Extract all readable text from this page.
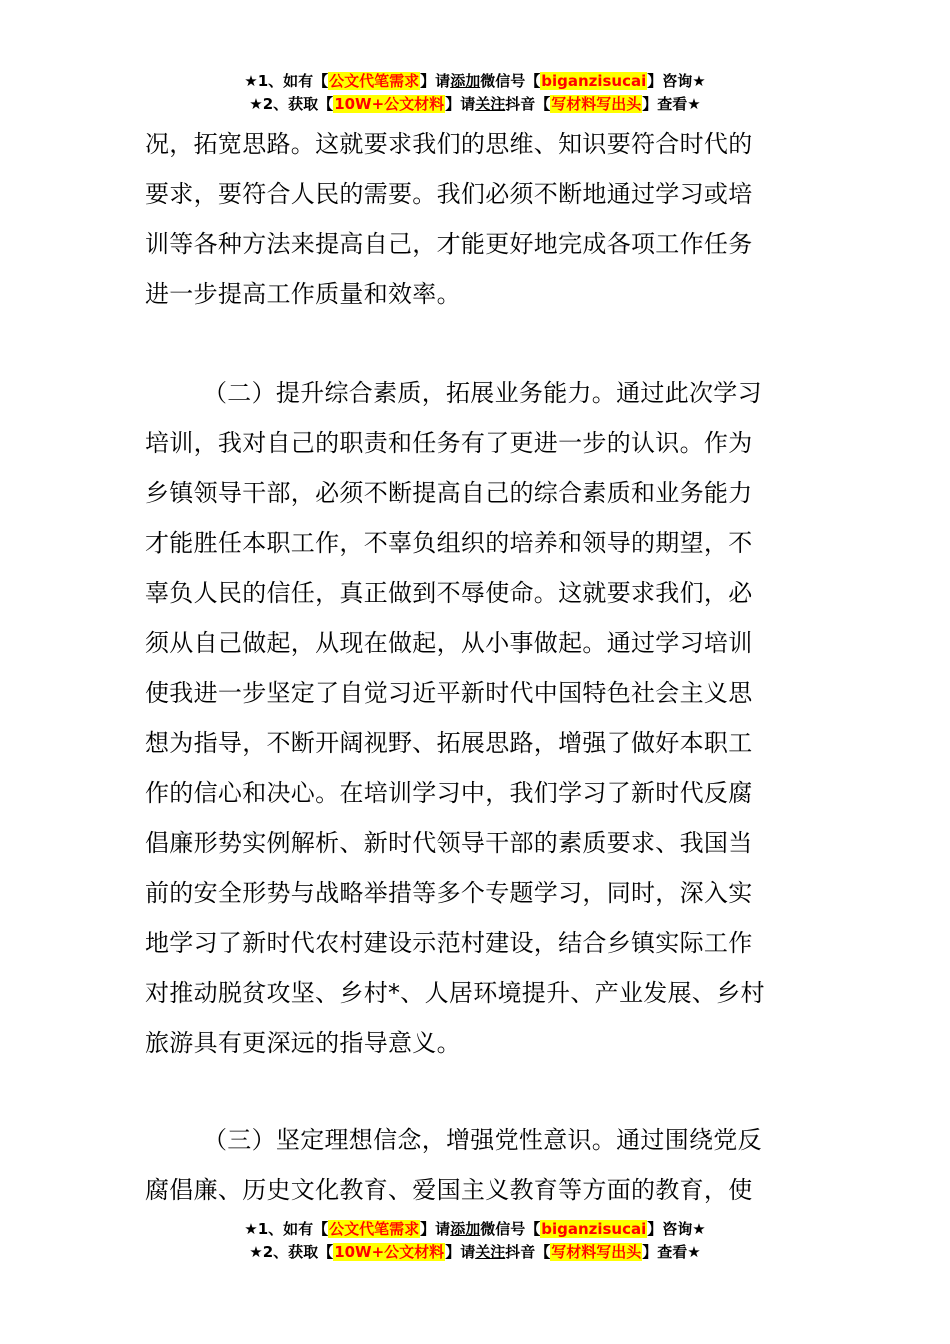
★1、如有【公文代笔需求】请添加微信号【biganzisucai】咨询★
★2、获取【10W+公文材料】请关注抖音【写材料写出头】查看★
况，拓宽思路。这就要求我们的思维、知识要符合时代的
要求，要符合人民的需要。我们必须不断地通过学习或培
训等各种方法来提高自己，才能更好地完成各项工作任务
进一步提高工作质量和效率。
（二）提升综合素质，拓展业务能力。通过此次学习
培训，我对自己的职责和任务有了更进一步的认识。作为
乡镇领导干部，必须不断提高自己的综合素质和业务能力
才能胜任本职工作，不辜负组织的培养和领导的期望，不
辜负人民的信任，真正做到不辱使命。这就要求我们，必
须从自己做起，从现在做起，从小事做起。通过学习培训
使我进一步坚定了自觉习近平新时代中国特色社会主义思
想为指导，不断开阔视野、拓展思路，增强了做好本职工
作的信心和决心。在培训学习中，我们学习了新时代反腐
倡廉形势实例解析、新时代领导干部的素质要求、我国当
前的安全形势与战略举措等多个专题学习，同时，深入实
地学习了新时代农村建设示范村建设，结合乡镇实际工作
对推动脱贫攻坚、乡村*、人居环境提升、产业发展、乡村
旅游具有更深远的指导意义。
（三）坚定理想信念，增强党性意识。通过围绕党反
腐倡廉、历史文化教育、爱国主义教育等方面的教育，使
★1、如有【公文代笔需求】请添加微信号【biganzisucai】咨询★
★2、获取【10W+公文材料】请关注抖音【写材料写出头】查看★
